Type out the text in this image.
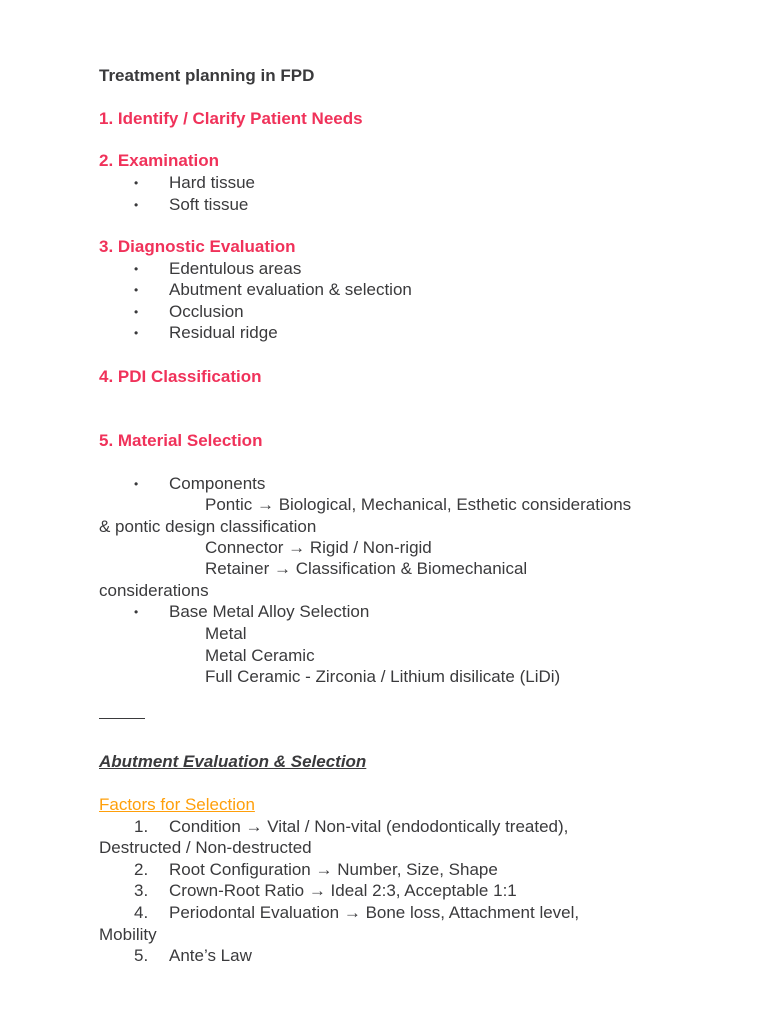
Treatment planning in FPD
1. Identify / Clarify Patient Needs
2. Examination
• Hard tissue
• Soft tissue
3. Diagnostic Evaluation
• Edentulous areas
• Abutment evaluation & selection
• Occlusion
• Residual ridge
4. PDI Classification
5. Material Selection
• Components
Pontic → Biological, Mechanical, Esthetic considerations
& pontic design classification
Connector → Rigid / Non-rigid
Retainer → Classification & Biomechanical
considerations
• Base Metal Alloy Selection
Metal
Metal Ceramic
Full Ceramic - Zirconia / Lithium disilicate (LiDi)
Abutment Evaluation & Selection
Factors for Selection
1. Condition → Vital / Non-vital (endodontically treated),
Destructed / Non-destructed
2. Root Configuration → Number, Size, Shape
3. Crown-Root Ratio → Ideal 2:3, Acceptable 1:1
4. Periodontal Evaluation → Bone loss, Attachment level,
Mobility
5. Ante’s Law
